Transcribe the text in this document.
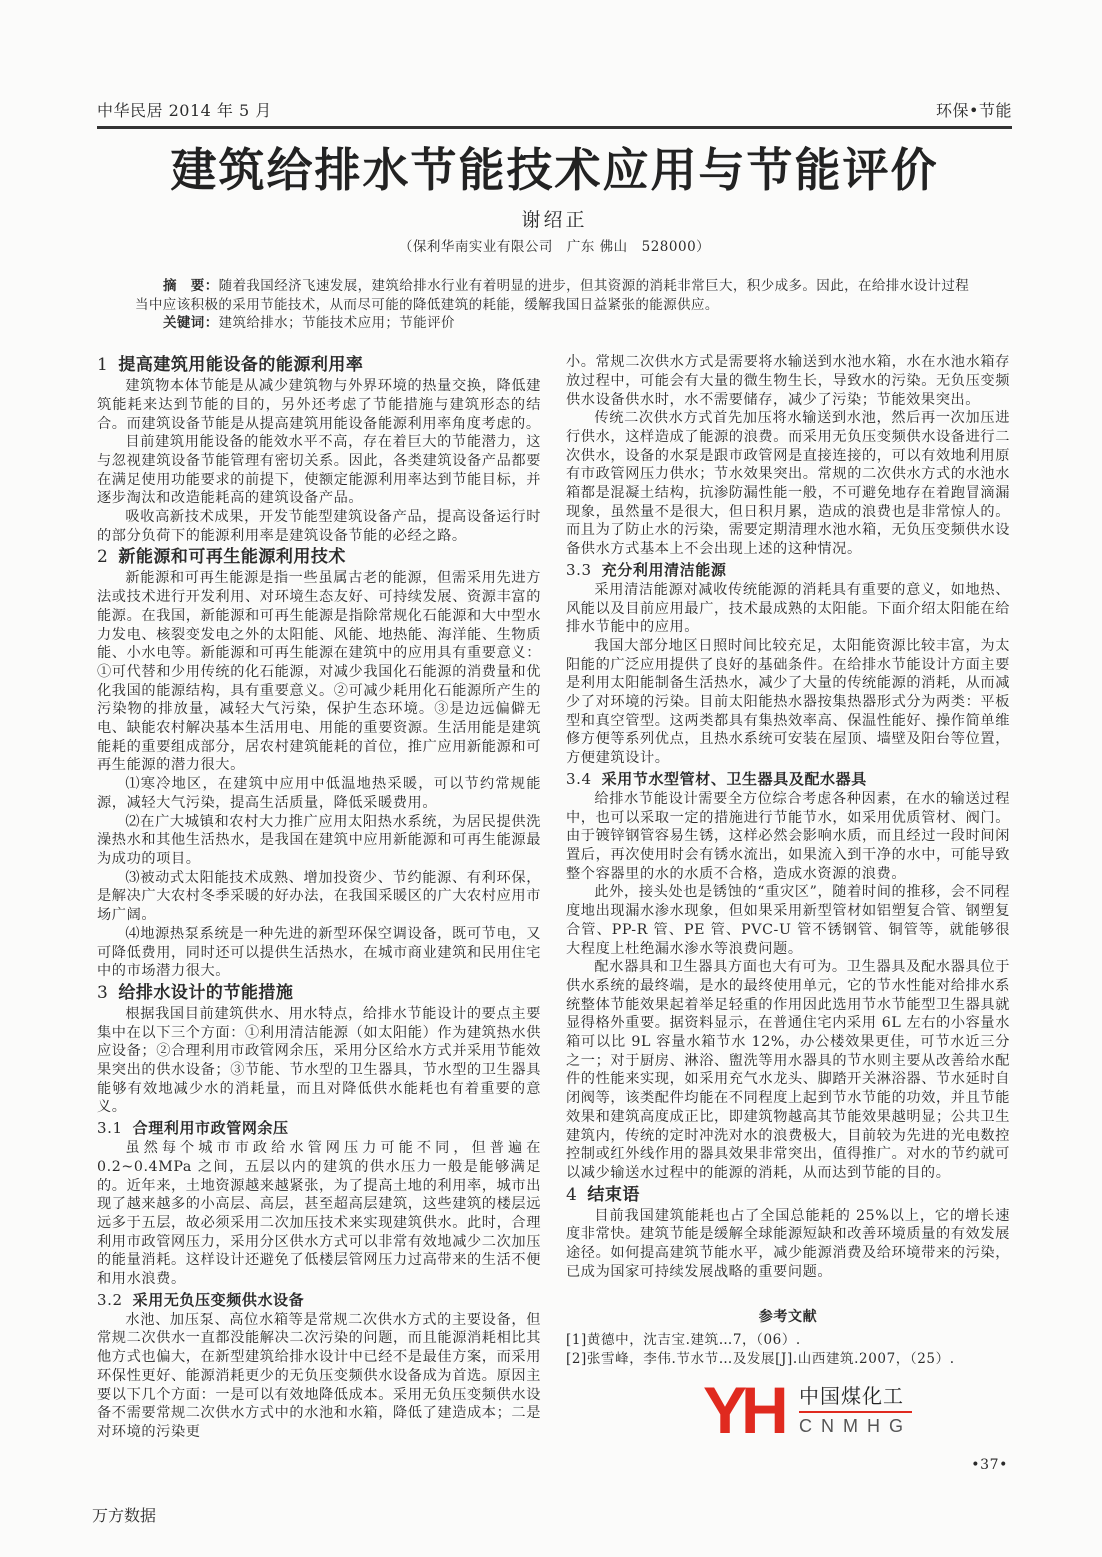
中华民居 2014 年 5 月	环保•节能
建筑给排水节能技术应用与节能评价
谢绍正
（保利华南实业有限公司　广东 佛山　528000）
摘　要：随着我国经济飞速发展，建筑给排水行业有着明显的进步，但其资源的消耗非常巨大，积少成多。因此，在给排水设计过程当中应该积极的采用节能技术，从而尽可能的降低建筑的耗能，缓解我国日益紧张的能源供应。
关键词：建筑给排水；节能技术应用；节能评价
1 提高建筑用能设备的能源利用率

建筑物本体节能是从减少建筑物与外界环境的热量交换，降低建筑能耗来达到节能的目的，另外还考虑了节能措施与建筑形态的结合。而建筑设备节能是从提高建筑用能设备能源利用率角度考虑的。

目前建筑用能设备的能效水平不高，存在着巨大的节能潜力，这与忽视建筑设备节能管理有密切关系。因此，各类建筑设备产品都要在满足使用功能要求的前提下，使额定能源利用率达到节能目标，并逐步淘汰和改造能耗高的建筑设备产品。

吸收高新技术成果，开发节能型建筑设备产品，提高设备运行时的部分负荷下的能源利用率是建筑设备节能的必经之路。

2 新能源和可再生能源利用技术

新能源和可再生能源是指一些虽属古老的能源，但需采用先进方法或技术进行开发利用、对环境生态友好、可持续发展、资源丰富的能源。在我国，新能源和可再生能源是指除常规化石能源和大中型水力发电、核裂变发电之外的太阳能、风能、地热能、海洋能、生物质能、小水电等。新能源和可再生能源在建筑中的应用具有重要意义：①可代替和少用传统的化石能源，对减少我国化石能源的消费量和优化我国的能源结构，具有重要意义。②可减少耗用化石能源所产生的污染物的排放量，减轻大气污染，保护生态环境。③是边远偏僻无电、缺能农村解决基本生活用电、用能的重要资源。生活用能是建筑能耗的重要组成部分，居农村建筑能耗的首位，推广应用新能源和可再生能源的潜力很大。

⑴寒冷地区，在建筑中应用中低温地热采暖，可以节约常规能源，减轻大气污染，提高生活质量，降低采暖费用。

⑵在广大城镇和农村大力推广应用太阳热水系统，为居民提供洗澡热水和其他生活热水，是我国在建筑中应用新能源和可再生能源最为成功的项目。

⑶被动式太阳能技术成熟、增加投资少、节约能源、有利环保，是解决广大农村冬季采暖的好办法，在我国采暖区的广大农村应用市场广阔。

⑷地源热泵系统是一种先进的新型环保空调设备，既可节电，又可降低费用，同时还可以提供生活热水，在城市商业建筑和民用住宅中的市场潜力很大。

3 给排水设计的节能措施

根据我国目前建筑供水、用水特点，给排水节能设计的要点主要集中在以下三个方面：①利用清洁能源（如太阳能）作为建筑热水供应设备；②合理利用市政管网余压，采用分区给水方式并采用节能效果突出的供水设备；③节能、节水型的卫生器具，节水型的卫生器具能够有效地减少水的消耗量，而且对降低供水能耗也有着重要的意义。

3.1 合理利用市政管网余压

虽然每个城市市政给水管网压力可能不同，但普遍在 0.2~0.4MPa 之间，五层以内的建筑的供水压力一般是能够满足的。近年来，土地资源越来越紧张，为了提高土地的利用率，城市出现了越来越多的小高层、高层，甚至超高层建筑，这些建筑的楼层远远多于五层，故必须采用二次加压技术来实现建筑供水。此时，合理利用市政管网压力，采用分区供水方式可以非常有效地减少二次加压的能量消耗。这样设计还避免了低楼层管网压力过高带来的生活不便和用水浪费。

3.2 采用无负压变频供水设备

水池、加压泵、高位水箱等是常规二次供水方式的主要设备，但常规二次供水一直都没能解决二次污染的问题，而且能源消耗相比其他方式也偏大，在新型建筑给排水设计中已经不是最佳方案，而采用环保性更好、能源消耗更少的无负压变频供水设备成为首选。原因主要以下几个方面：一是可以有效地降低成本。采用无负压变频供水设备不需要常规二次供水方式中的水池和水箱，降低了建造成本；二是对环境的污染更

小。常规二次供水方式是需要将水输送到水池水箱，水在水池水箱存放过程中，可能会有大量的微生物生长，导致水的污染。无负压变频供水设备供水时，水不需要储存，减少了污染；节能效果突出。

传统二次供水方式首先加压将水输送到水池，然后再一次加压进行供水，这样造成了能源的浪费。而采用无负压变频供水设备进行二次供水，设备的水泵是跟市政管网是直接连接的，可以有效地利用原有市政管网压力供水；节水效果突出。常规的二次供水方式的水池水箱都是混凝土结构，抗渗防漏性能一般，不可避免地存在着跑冒滴漏现象，虽然量不是很大，但日积月累，造成的浪费也是非常惊人的。而且为了防止水的污染，需要定期清理水池水箱，无负压变频供水设备供水方式基本上不会出现上述的这种情况。

3.3 充分利用清洁能源

采用清洁能源对减收传统能源的消耗具有重要的意义，如地热、风能以及目前应用最广，技术最成熟的太阳能。下面介绍太阳能在给排水节能中的应用。

我国大部分地区日照时间比较充足，太阳能资源比较丰富，为太阳能的广泛应用提供了良好的基础条件。在给排水节能设计方面主要是利用太阳能制备生活热水，减少了大量的传统能源的消耗，从而减少了对环境的污染。目前太阳能热水器按集热器形式分为两类：平板型和真空管型。这两类都具有集热效率高、保温性能好、操作简单维修方便等系列优点，且热水系统可安装在屋顶、墙壁及阳台等位置，方便建筑设计。

3.4 采用节水型管材、卫生器具及配水器具

给排水节能设计需要全方位综合考虑各种因素，在水的输送过程中，也可以采取一定的措施进行节能节水，如采用优质管材、阀门。由于镀锌钢管容易生锈，这样必然会影响水质，而且经过一段时间闲置后，再次使用时会有锈水流出，如果流入到干净的水中，可能导致整个容器里的水的水质不合格，造成水资源的浪费。

此外，接头处也是锈蚀的“重灾区”，随着时间的推移，会不同程度地出现漏水渗水现象，但如果采用新型管材如铝塑复合管、钢塑复合管、PP-R 管、PE 管、PVC-U 管不锈钢管、铜管等，就能够很大程度上杜绝漏水渗水等浪费问题。

配水器具和卫生器具方面也大有可为。卫生器具及配水器具位于供水系统的最终端，是水的最终使用单元，它的节水性能对给排水系统整体节能效果起着举足轻重的作用因此选用节水节能型卫生器具就显得格外重要。据资料显示，在普通住宅内采用 6L 左右的小容量水箱可以比 9L 容量水箱节水 12%，办公楼效果更佳，可节水近三分之一；对于厨房、淋浴、盥洗等用水器具的节水则主要从改善给水配件的性能来实现，如采用充气水龙头、脚踏开关淋浴器、节水延时自闭阀等，该类配件均能在不同程度上起到节水节能的功效，并且节能效果和建筑高度成正比，即建筑物越高其节能效果越明显；公共卫生建筑内，传统的定时冲洗对水的浪费极大，目前较为先进的光电数控控制或红外线作用的器具效果非常突出，值得推广。对水的节约就可以减少输送水过程中的能源的消耗，从而达到节能的目的。

4 结束语

目前我国建筑能耗也占了全国总能耗的 25%以上，它的增长速度非常快。建筑节能是缓解全球能源短缺和改善环境质量的有效发展途径。如何提高建筑节能水平，减少能源消费及给环境带来的污染，已成为国家可持续发展战略的重要问题。

参考文献
[1]黄德中，沈吉宝.建筑…7，（06）.
[2]张雪峰，李伟.节水节…及发展[J].山西建筑.2007，（25）.
YH 中国煤化工
CNMHG
•37•
万方数据
